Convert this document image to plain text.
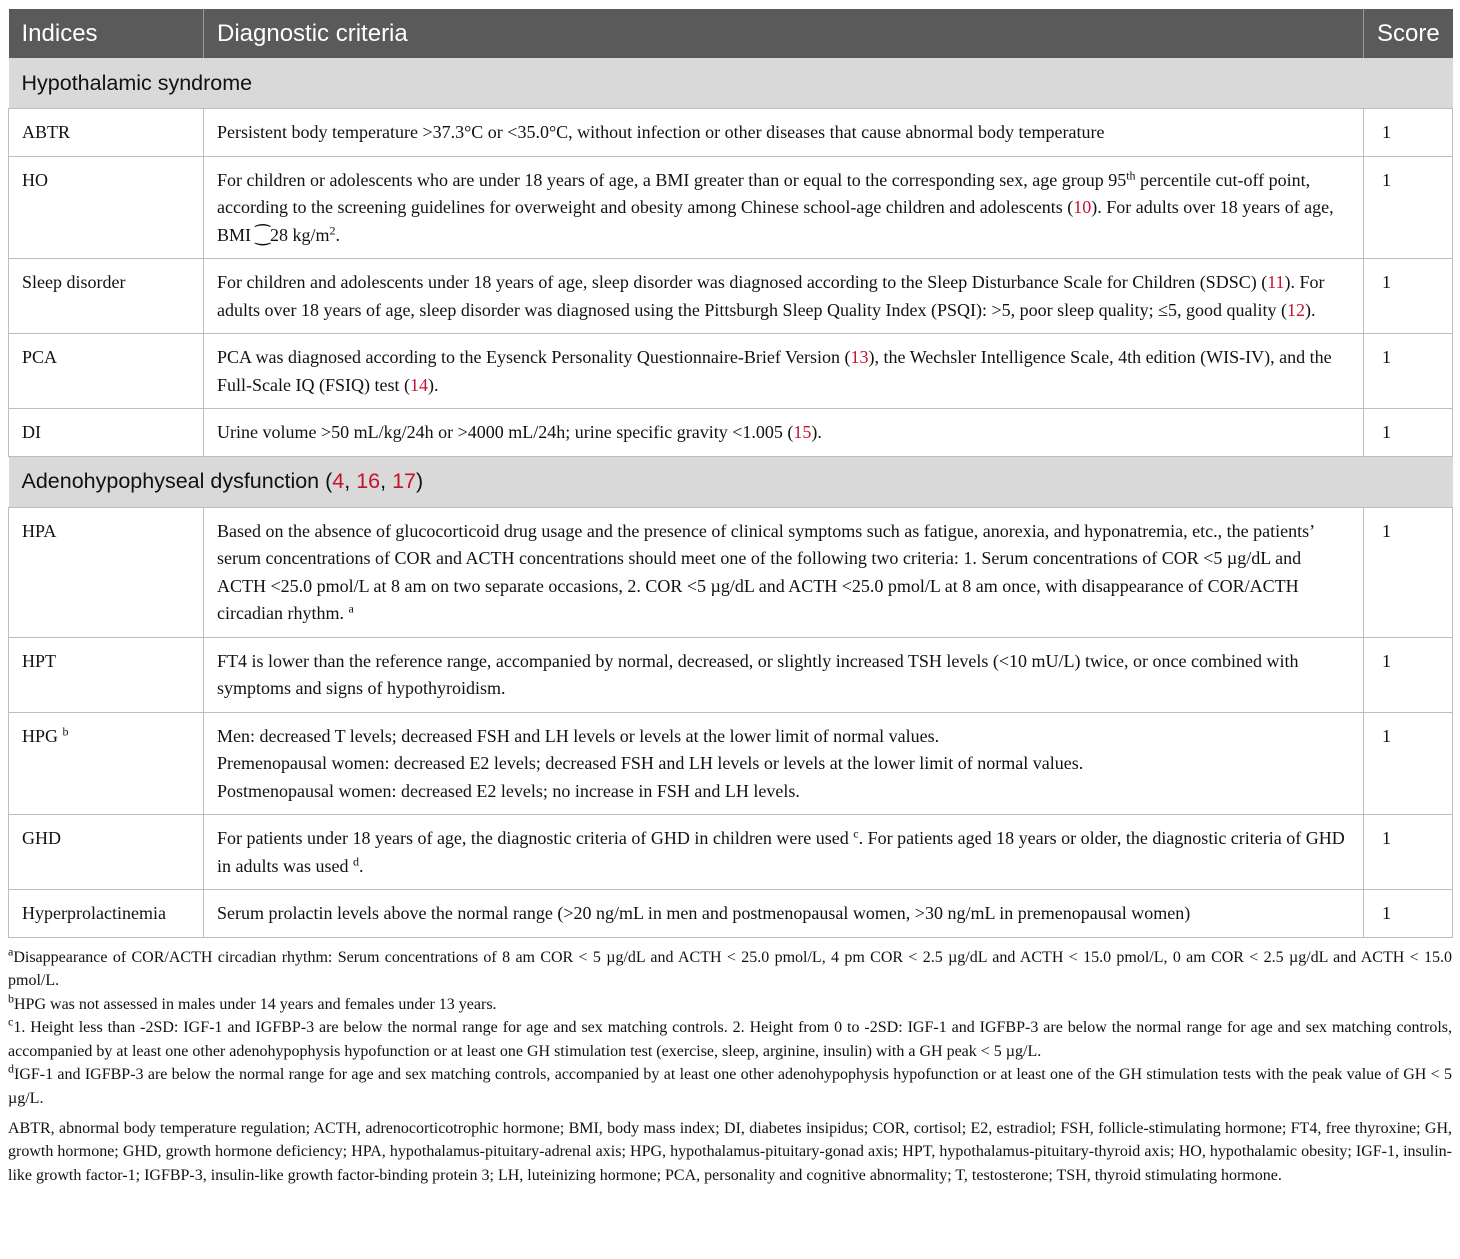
Indices	Diagnostic criteria	Score
Hypothalamic syndrome		
ABTR	Persistent body temperature >37.3°C or <35.0°C, without infection or other diseases that cause abnormal body temperature	1
HO	For children or adolescents who are under 18 years of age, a BMI greater than or equal to the corresponding sex, age group 95th percentile cut-off point, according to the screening guidelines for overweight and obesity among Chinese school-age children and adolescents (10). For adults over 18 years of age, BMI ⁐28 $kg/m^2$.	1
Sleep disorder	For children and adolescents under 18 years of age, sleep disorder was diagnosed according to the Sleep Disturbance Scale for Children (SDSC) (11). For adults over 18 years of age, sleep disorder was diagnosed using the Pittsburgh Sleep Quality Index (PSQI): >5, poor sleep quality; ≤5, good quality (12).	1
PCA	PCA was diagnosed according to the Eysenck Personality Questionnaire-Brief Version (13), the Wechsler Intelligence Scale, 4th edition (WIS-IV), and the Full-Scale IQ (FSIQ) test (14).	1
DI	Urine volume >50 mL/kg/24h or >4000 mL/24h; urine specific gravity <1.005 (15).	1
Adenohypophyseal dysfunction (4, 16, 17)		
HPA	Based on the absence of glucocorticoid drug usage and the presence of clinical symptoms such as fatigue, anorexia, and hyponatremia, etc., the patients’ serum concentrations of COR and ACTH concentrations should meet one of the following two criteria: 1. Serum concentrations of COR <5 µg/dL and ACTH <25.0 pmol/L at 8 am on two separate occasions, 2. COR <5 µg/dL and ACTH <25.0 pmol/L at 8 am once, with disappearance of COR/ACTH circadian rhythm. $^a$	1
HPT	FT4 is lower than the reference range, accompanied by normal, decreased, or slightly increased TSH levels (<10 mU/L) twice, or once combined with symptoms and signs of hypothyroidism.	1
HPG $^b$	Men: decreased T levels; decreased FSH and LH levels or levels at the lower limit of normal values.
Premenopausal women: decreased E2 levels; decreased FSH and LH levels or levels at the lower limit of normal values.
Postmenopausal women: decreased E2 levels; no increase in FSH and LH levels.	1
GHD	For patients under 18 years of age, the diagnostic criteria of GHD in children were used $^c$. For patients aged 18 years or older, the diagnostic criteria of GHD in adults was used $^d$.	1
Hyperprolactinemia	Serum prolactin levels above the normal range (>20 ng/mL in men and postmenopausal women, >30 ng/mL in premenopausal women)	1

$^a$Disappearance of COR/ACTH circadian rhythm: Serum concentrations of 8 am COR < 5 µg/dL and ACTH < 25.0 pmol/L, 4 pm COR < 2.5 µg/dL and ACTH < 15.0 pmol/L, 0 am COR < 2.5 µg/dL and ACTH < 15.0 pmol/L.

$^b$HPG was not assessed in males under 14 years and females under 13 years.

$^c$1. Height less than -2SD: IGF-1 and IGFBP-3 are below the normal range for age and sex matching controls. 2. Height from 0 to -2SD: IGF-1 and IGFBP-3 are below the normal range for age and sex matching controls, accompanied by at least one other adenohypophysis hypofunction or at least one GH stimulation test (exercise, sleep, arginine, insulin) with a GH peak < 5 µg/L.

$^d$IGF-1 and IGFBP-3 are below the normal range for age and sex matching controls, accompanied by at least one other adenohypophysis hypofunction or at least one of the GH stimulation tests with the peak value of GH < 5 µg/L.

ABTR, abnormal body temperature regulation; ACTH, adrenocorticotrophic hormone; BMI, body mass index; DI, diabetes insipidus; COR, cortisol; E2, estradiol; FSH, follicle-stimulating hormone; FT4, free thyroxine; GH, growth hormone; GHD, growth hormone deficiency; HPA, hypothalamus-pituitary-adrenal axis; HPG, hypothalamus-pituitary-gonad axis; HPT, hypothalamus-pituitary-thyroid axis; HO, hypothalamic obesity; IGF-1, insulin-like growth factor-1; IGFBP-3, insulin-like growth factor-binding protein 3; LH, luteinizing hormone; PCA, personality and cognitive abnormality; T, testosterone; TSH, thyroid stimulating hormone.
